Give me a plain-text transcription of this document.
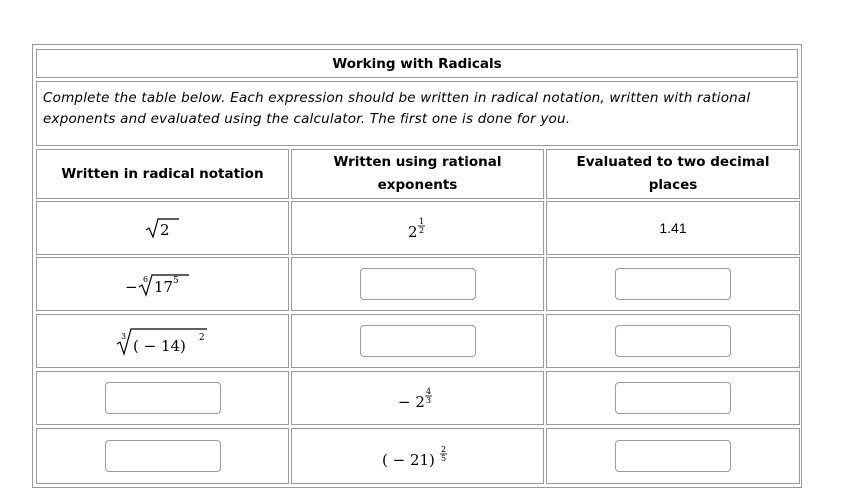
Working with Radicals
Complete the table below. Each expression should be written in radical notation, written with rational exponents and evaluated using the calculator. The first one is done for you.
Written in radical notation
Written using rational exponents
Evaluated to two decimal places
2	2
1
2	1.41
− 6 17 5
3
( − 14) 2
− 2
4
3
( − 21)
2
5
